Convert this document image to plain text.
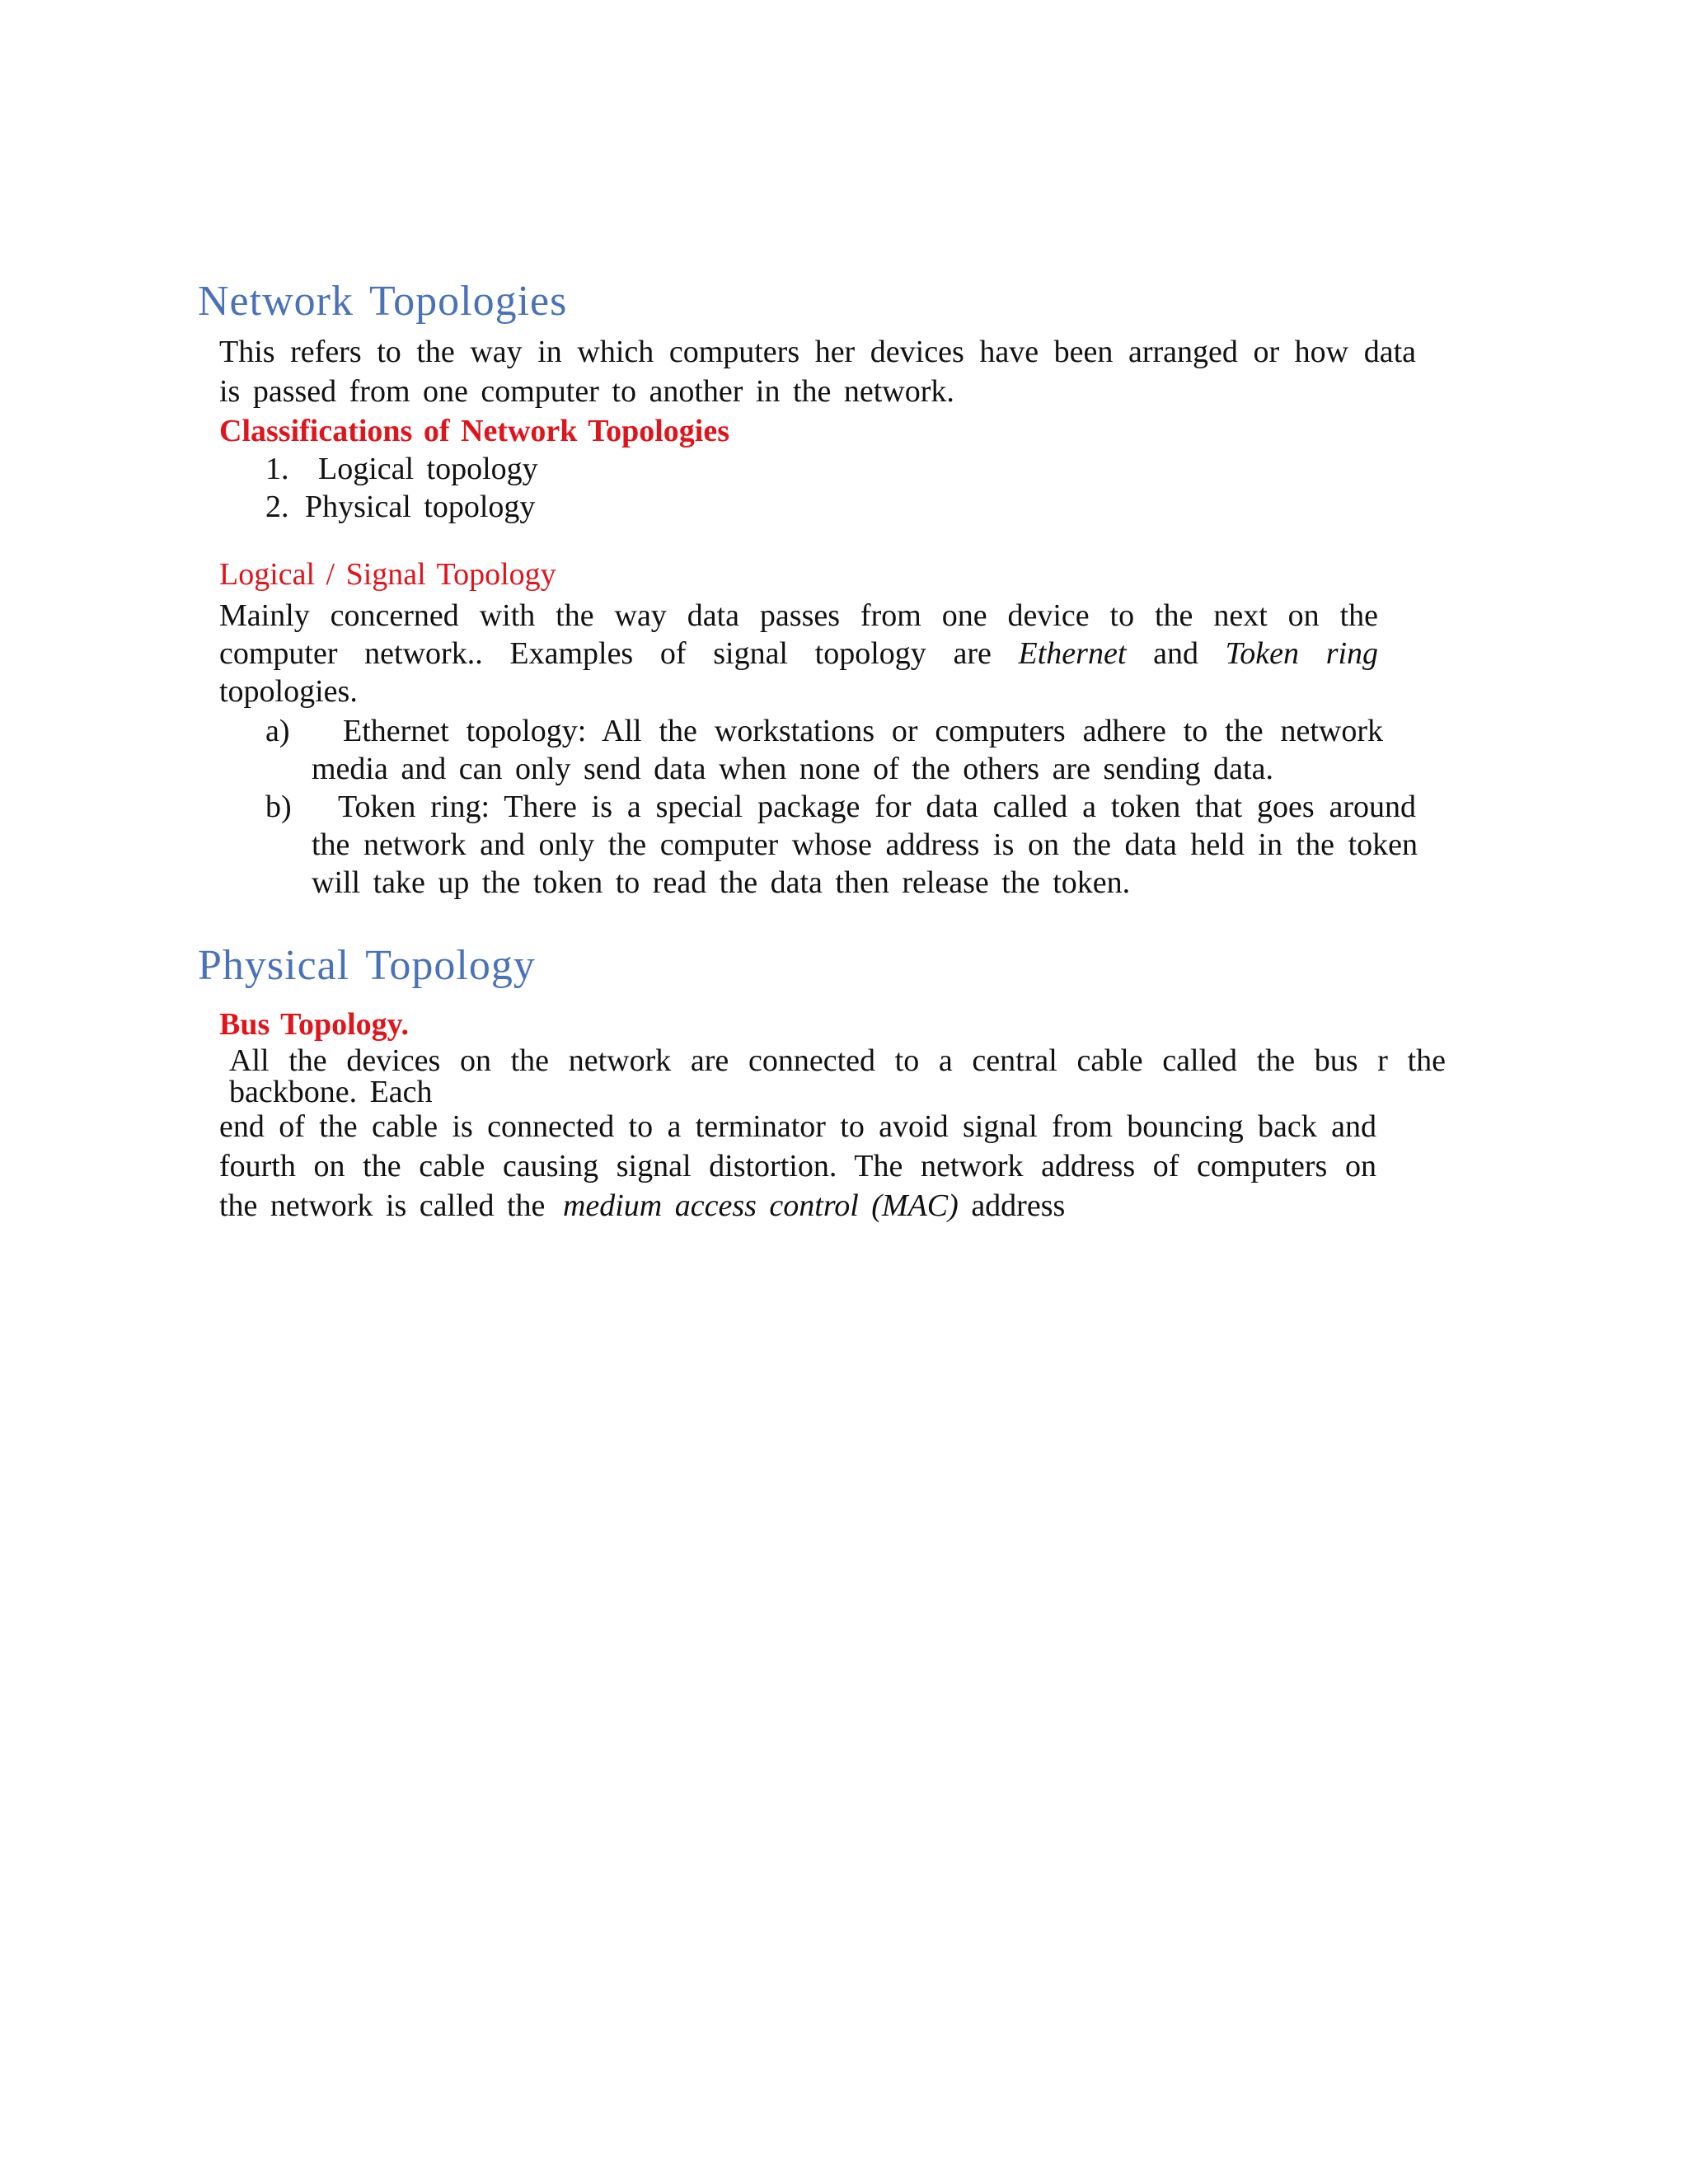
Network Topologies
This refers to the way in which computers her devices have been arranged or how data
is passed from one computer to another in the network.
Classifications of Network Topologies
1. Logical topology
2. Physical topology
Logical / Signal Topology
Mainly concerned with the way data passes from one device to the next on the
computer network.. Examples of signal topology are Ethernet and Token ring
topologies.
a) Ethernet topology: All the workstations or computers adhere to the network
media and can only send data when none of the others are sending data.
b) Token ring: There is a special package for data called a token that goes around
the network and only the computer whose address is on the data held in the token
will take up the token to read the data then release the token.
Physical Topology
Bus Topology.
All the devices on the network are connected to a central cable called the bus r the
backbone. Each
end of the cable is connected to a terminator to avoid signal from bouncing back and
fourth on the cable causing signal distortion. The network address of computers on
the network is called the medium access control (MAC) address
